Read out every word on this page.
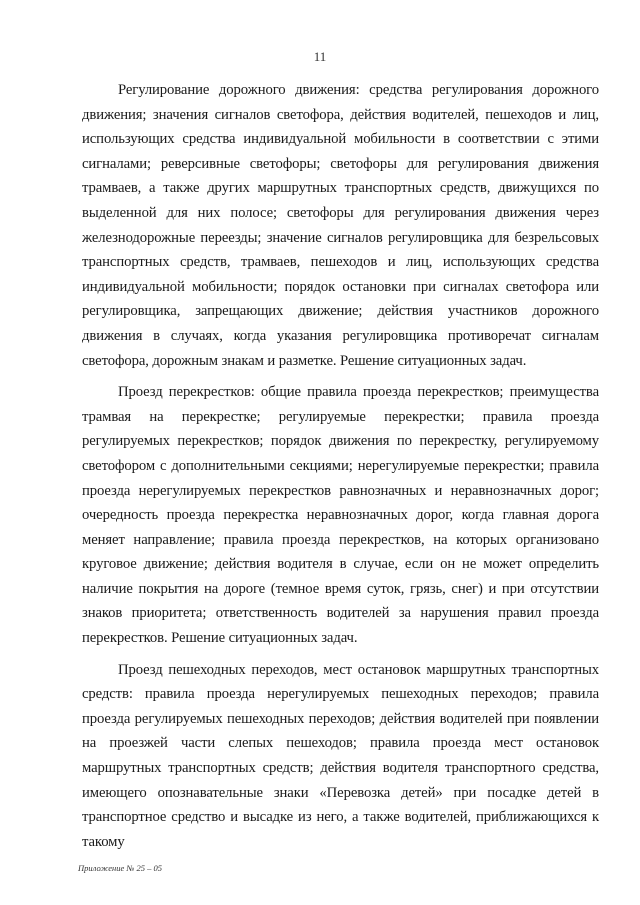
11

Регулирование дорожного движения: средства регулирования дорожного движения; значения сигналов светофора, действия водителей, пешеходов и лиц, использующих средства индивидуальной мобильности в соответствии с этими сигналами; реверсивные светофоры; светофоры для регулирования движения трамваев, а также других маршрутных транспортных средств, движущихся по выделенной для них полосе; светофоры для регулирования движения через железнодорожные переезды; значение сигналов регулировщика для безрельсовых транспортных средств, трамваев, пешеходов и лиц, использующих средства индивидуальной мобильности; порядок остановки при сигналах светофора или регулировщика, запрещающих движение; действия участников дорожного движения в случаях, когда указания регулировщика противоречат сигналам светофора, дорожным знакам и разметке. Решение ситуационных задач.

Проезд перекрестков: общие правила проезда перекрестков; преимущества трамвая на перекрестке; регулируемые перекрестки; правила проезда регулируемых перекрестков; порядок движения по перекрестку, регулируемому светофором с дополнительными секциями; нерегулируемые перекрестки; правила проезда нерегулируемых перекрестков равнозначных и неравнозначных дорог; очередность проезда перекрестка неравнозначных дорог, когда главная дорога меняет направление; правила проезда перекрестков, на которых организовано круговое движение; действия водителя в случае, если он не может определить наличие покрытия на дороге (темное время суток, грязь, снег) и при отсутствии знаков приоритета; ответственность водителей за нарушения правил проезда перекрестков. Решение ситуационных задач.

Проезд пешеходных переходов, мест остановок маршрутных транспортных средств: правила проезда нерегулируемых пешеходных переходов; правила проезда регулируемых пешеходных переходов; действия водителей при появлении на проезжей части слепых пешеходов; правила проезда мест остановок маршрутных транспортных средств; действия водителя транспортного средства, имеющего опознавательные знаки «Перевозка детей» при посадке детей в транспортное средство и высадке из него, а также водителей, приближающихся к такому

Приложение № 25 – 05
